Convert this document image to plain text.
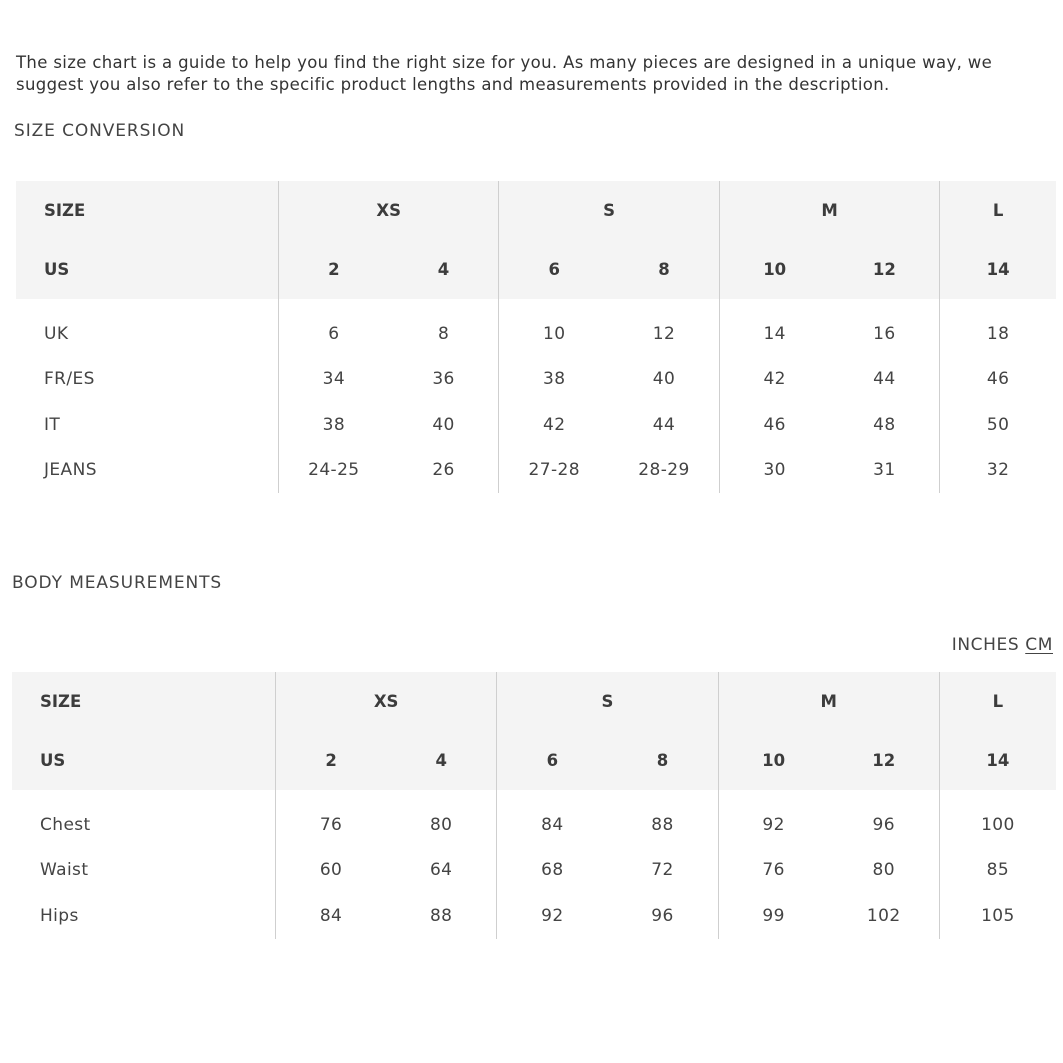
The size chart is a guide to help you find the right size for you. As many pieces are designed in a unique way, we suggest you also refer to the specific product lengths and measurements provided in the description.
SIZE CONVERSION
SIZE	XS		S		M		L
US	2	4	6	8	10	12	14
UK	6	8	10	12	14	16	18
FR/ES	34	36	38	40	42	44	46
IT	38	40	42	44	46	48	50
JEANS	24-25	26	27-28	28-29	30	31	32
BODY MEASUREMENTS
INCHES CM
SIZE	XS		S		M		L
US	2	4	6	8	10	12	14
Chest	76	80	84	88	92	96	100
Waist	60	64	68	72	76	80	85
Hips	84	88	92	96	99	102	105
